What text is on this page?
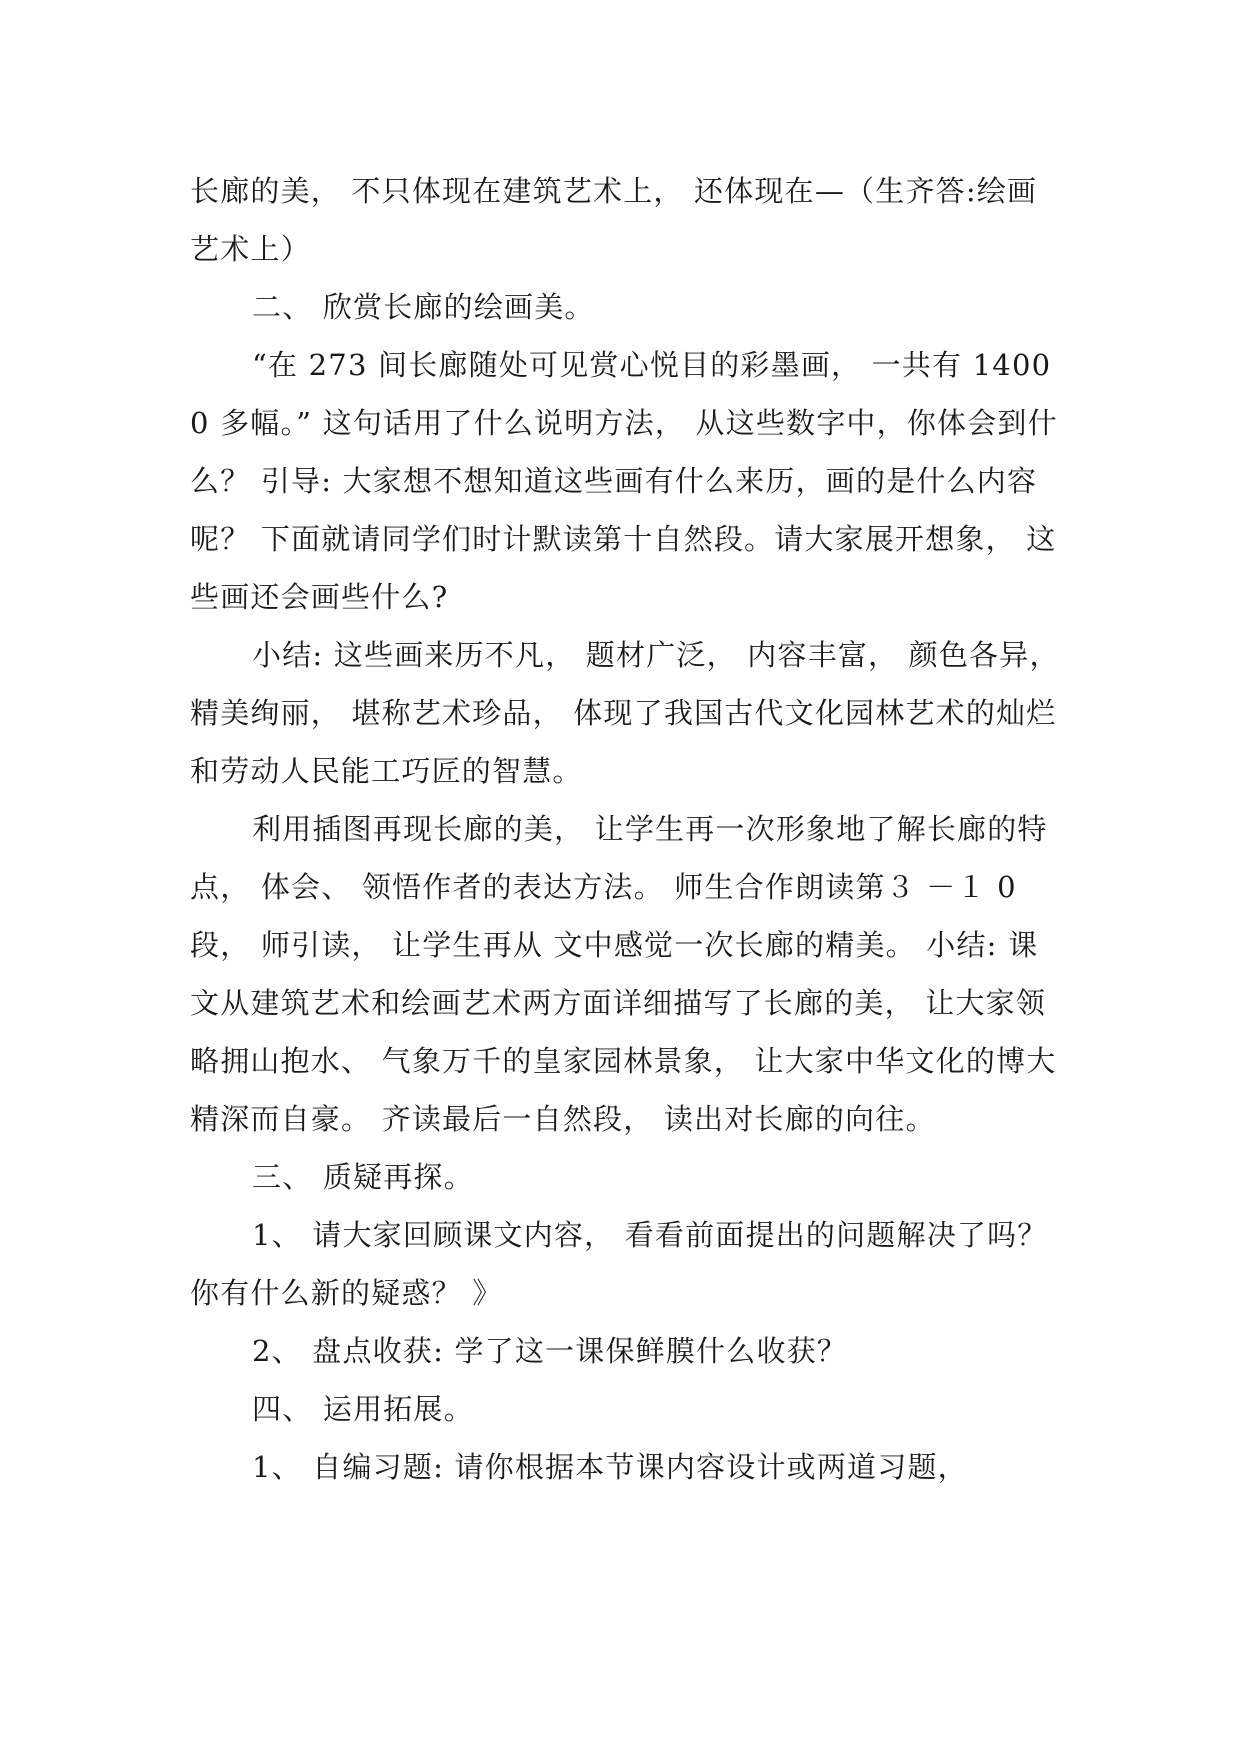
长廊的美， 不只体现在建筑艺术上， 还体现在—（生齐答:绘画艺术上）

二、 欣赏长廊的绘画美。

“在 273 间长廊随处可见赏心悦目的彩墨画， 一共有 14000 多幅。” 这句话用了什么说明方法， 从这些数字中，你体会到什么？ 引导: 大家想不想知道这些画有什么来历，画的是什么内容呢？ 下面就请同学们时计默读第十自然段。请大家展开想象， 这些画还会画些什么?

小结: 这些画来历不凡， 题材广泛， 内容丰富， 颜色各异， 精美绚丽， 堪称艺术珍品， 体现了我国古代文化园林艺术的灿烂和劳动人民能工巧匠的智慧。

利用插图再现长廊的美， 让学生再一次形象地了解长廊的特点， 体会、 领悟作者的表达方法。 师生合作朗读第３ －１ 0 段， 师引读， 让学生再从 文中感觉一次长廊的精美。 小结: 课文从建筑艺术和绘画艺术两方面详细描写了长廊的美， 让大家领略拥山抱水、 气象万千的皇家园林景象， 让大家中华文化的博大精深而自豪。 齐读最后一自然段， 读出对长廊的向往。

三、 质疑再探。

1、 请大家回顾课文内容， 看看前面提出的问题解决了吗？ 你有什么新的疑惑？ 》

2、 盘点收获: 学了这一课保鲜膜什么收获？

四、 运用拓展。

1、 自编习题: 请你根据本节课内容设计或两道习题，
